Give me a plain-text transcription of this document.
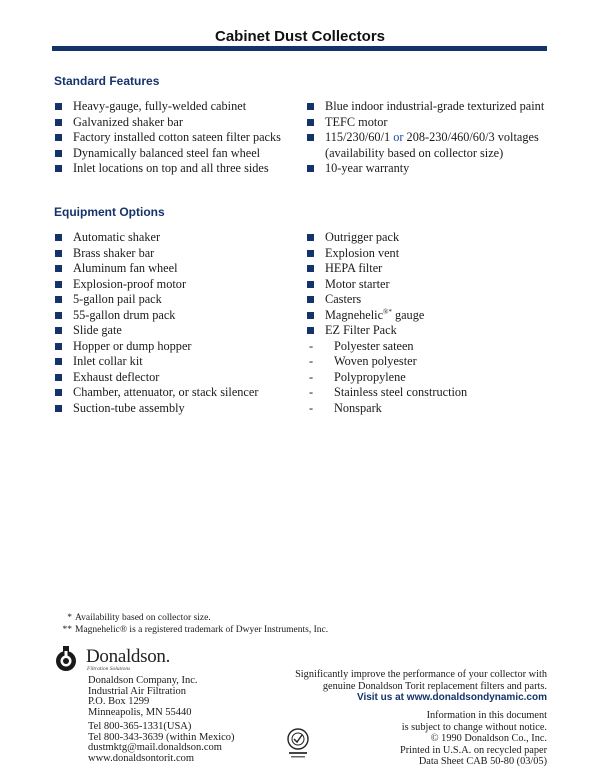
Cabinet Dust Collectors
Standard Features
Heavy-gauge, fully-welded cabinet
Galvanized shaker bar
Factory installed cotton sateen filter packs
Dynamically balanced steel fan wheel
Inlet locations on top and all three sides
Blue indoor industrial-grade texturized paint
TEFC motor
115/230/60/1 or 208-230/460/60/3 voltages
(availability based on collector size)
10-year warranty
Equipment Options
Automatic shaker
Brass shaker bar
Aluminum fan wheel
Explosion-proof motor
5-gallon pail pack
55-gallon drum pack
Slide gate
Hopper or dump hopper
Inlet collar kit
Exhaust deflector
Chamber, attenuator, or stack silencer
Suction-tube assembly
Outrigger pack
Explosion vent
HEPA filter
Motor starter
Casters
Magnehelic®* gauge
EZ Filter Pack
- Polyester sateen
- Woven polyester
- Polypropylene
- Stainless steel construction
- Nonspark
* Availability based on collector size.
** Magnehelic® is a registered trademark of Dwyer Instruments, Inc.
Donaldson.
Filtration Solutions
Donaldson Company, Inc.
Industrial Air Filtration
P.O. Box 1299
Minneapolis, MN 55440
Tel 800-365-1331(USA)
Tel 800-343-3639 (within Mexico)
dustmktg@mail.donaldson.com
www.donaldsontorit.com
Significantly improve the performance of your collector with
genuine Donaldson Torit replacement filters and parts.
Visit us at www.donaldsondynamic.com
Information in this document
is subject to change without notice.
© 1990 Donaldson Co., Inc.
Printed in U.S.A. on recycled paper
Data Sheet CAB 50-80 (03/05)
